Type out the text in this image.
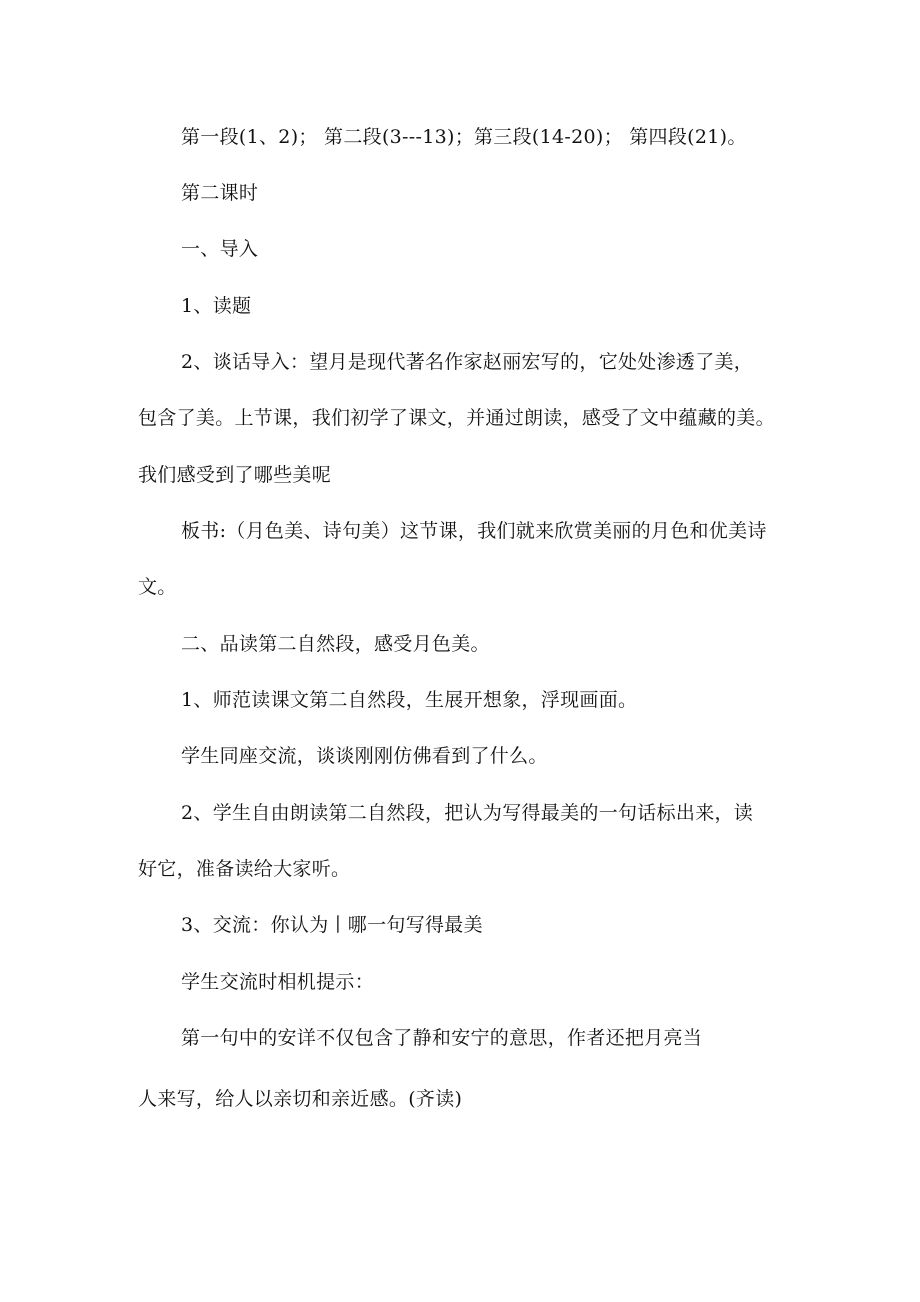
第一段(1、2)； 第二段(3---13)；第三段(14-20)； 第四段(21)。
第二课时
一、导入
1、读题
2、谈话导入：望月是现代著名作家赵丽宏写的，它处处渗透了美，
包含了美。上节课，我们初学了课文，并通过朗读，感受了文中蕴藏的美。
我们感受到了哪些美呢
板书:（月色美、诗句美）这节课，我们就来欣赏美丽的月色和优美诗
文。
二、品读第二自然段，感受月色美。
1、师范读课文第二自然段，生展开想象，浮现画面。
学生同座交流，谈谈刚刚仿佛看到了什么。
2、学生自由朗读第二自然段，把认为写得最美的一句话标出来，读
好它，准备读给大家听。
3、交流：你认为丨哪一句写得最美
学生交流时相机提示：
第一句中的安详不仅包含了静和安宁的意思，作者还把月亮当
人来写，给人以亲切和亲近感。(齐读)
